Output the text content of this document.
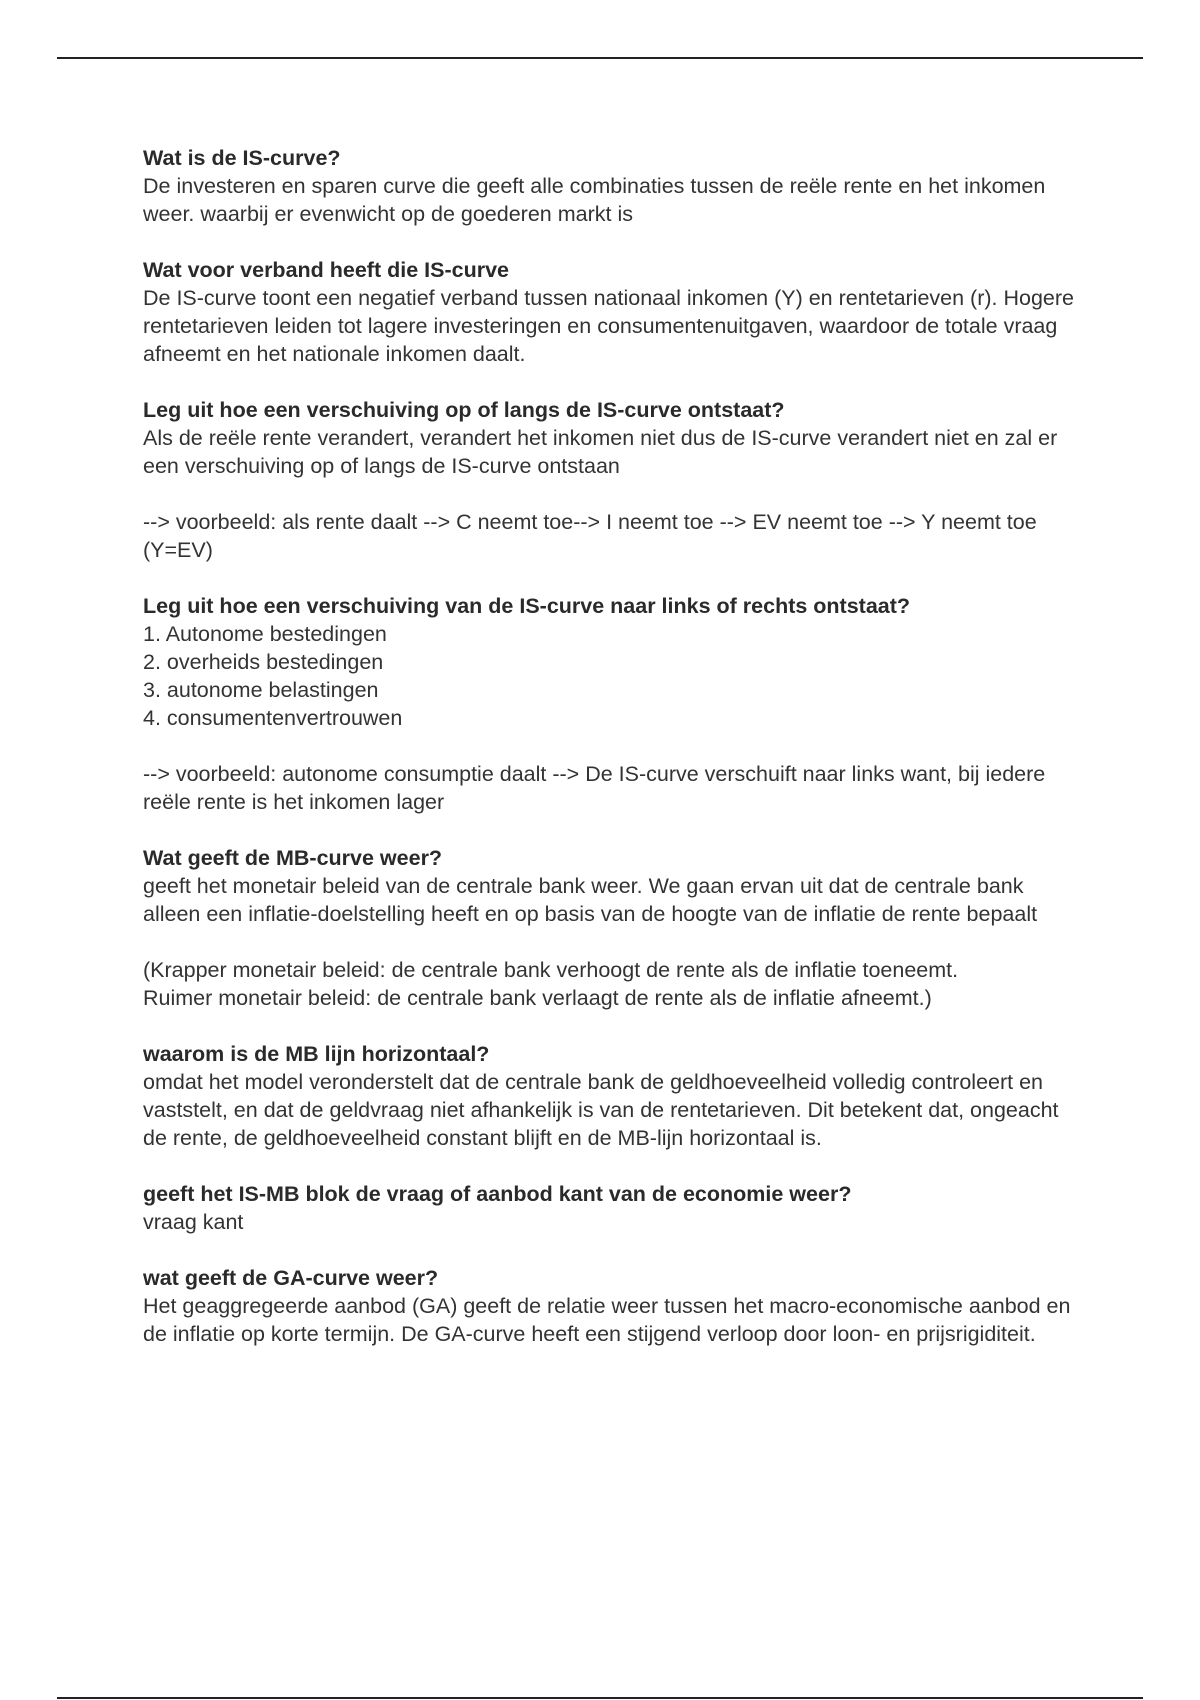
Wat is de IS-curve?

De investeren en sparen curve die geeft alle combinaties tussen de reële rente en het inkomen weer. waarbij er evenwicht op de goederen markt is

Wat voor verband heeft die IS-curve

De IS-curve toont een negatief verband tussen nationaal inkomen (Y) en rentetarieven (r). Hogere rentetarieven leiden tot lagere investeringen en consumentenuitgaven, waardoor de totale vraag afneemt en het nationale inkomen daalt.

Leg uit hoe een verschuiving op of langs de IS-curve ontstaat?

Als de reële rente verandert, verandert het inkomen niet dus de IS-curve verandert niet en zal er een verschuiving op of langs de IS-curve ontstaan

--> voorbeeld: als rente daalt --> C neemt toe--> I neemt toe --> EV neemt toe --> Y neemt toe (Y=EV)

Leg uit hoe een verschuiving van de IS-curve naar links of rechts ontstaat?

1. Autonome bestedingen
2. overheids bestedingen
3. autonome belastingen
4. consumentenvertrouwen

--> voorbeeld: autonome consumptie daalt --> De IS-curve verschuift naar links want, bij iedere reële rente is het inkomen lager

Wat geeft de MB-curve weer?

geeft het monetair beleid van de centrale bank weer. We gaan ervan uit dat de centrale bank alleen een inflatie-doelstelling heeft en op basis van de hoogte van de inflatie de rente bepaalt

(Krapper monetair beleid: de centrale bank verhoogt de rente als de inflatie toeneemt.

Ruimer monetair beleid: de centrale bank verlaagt de rente als de inflatie afneemt.)

waarom is de MB lijn horizontaal?

omdat het model veronderstelt dat de centrale bank de geldhoeveelheid volledig controleert en vaststelt, en dat de geldvraag niet afhankelijk is van de rentetarieven. Dit betekent dat, ongeacht de rente, de geldhoeveelheid constant blijft en de MB-lijn horizontaal is.

geeft het IS-MB blok de vraag of aanbod kant van de economie weer?

vraag kant

wat geeft de GA-curve weer?

Het geaggregeerde aanbod (GA) geeft de relatie weer tussen het macro-economische aanbod en de inflatie op korte termijn. De GA-curve heeft een stijgend verloop door loon- en prijsrigiditeit.
